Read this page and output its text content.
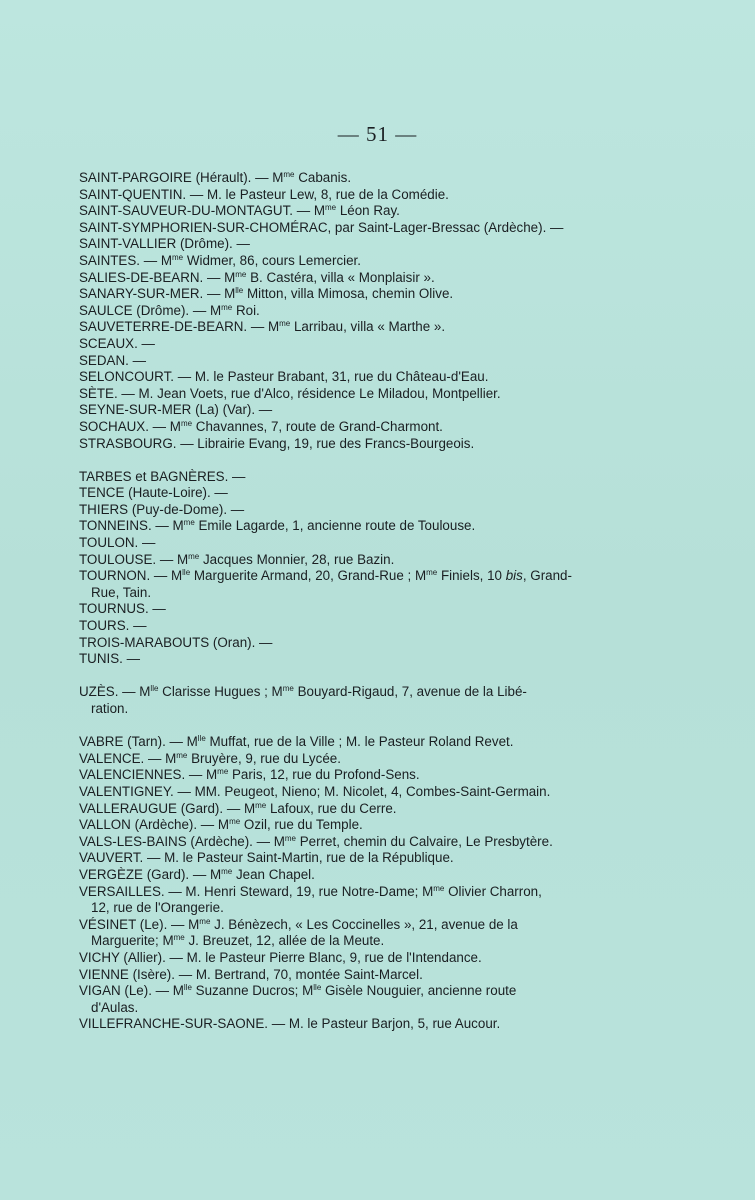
— 51 —
SAINT-PARGOIRE (Hérault). — $M^{me}$ Cabanis.
SAINT-QUENTIN. — M. le Pasteur Lew, 8, rue de la Comédie.
SAINT-SAUVEUR-DU-MONTAGUT. — $M^{me}$ Léon Ray.
SAINT-SYMPHORIEN-SUR-CHOMÉRAC, par Saint-Lager-Bressac (Ardèche). —
SAINT-VALLIER (Drôme). —
SAINTES. — $M^{me}$ Widmer, 86, cours Lemercier.
SALIES-DE-BEARN. — $M^{me}$ B. Castéra, villa « Monplaisir ».
SANARY-SUR-MER. — $M^{lle}$ Mitton, villa Mimosa, chemin Olive.
SAULCE (Drôme). — $M^{me}$ Roi.
SAUVETERRE-DE-BEARN. — $M^{me}$ Larribau, villa « Marthe ».
SCEAUX. —
SEDAN. —
SELONCOURT. — M. le Pasteur Brabant, 31, rue du Château-d'Eau.
SÈTE. — M. Jean Voets, rue d'Alco, résidence Le Miladou, Montpellier.
SEYNE-SUR-MER (La) (Var). —
SOCHAUX. — $M^{me}$ Chavannes, 7, route de Grand-Charmont.
STRASBOURG. — Librairie Evang, 19, rue des Francs-Bourgeois.
TARBES et BAGNÈRES. —
TENCE (Haute-Loire). —
THIERS (Puy-de-Dome). —
TONNEINS. — $M^{me}$ Emile Lagarde, 1, ancienne route de Toulouse.
TOULON. —
TOULOUSE. — $M^{me}$ Jacques Monnier, 28, rue Bazin.
TOURNON. — $M^{lle}$ Marguerite Armand, 20, Grand-Rue ; $M^{me}$ Finiels, 10 bis, Grand-
Rue, Tain.
TOURNUS. —
TOURS. —
TROIS-MARABOUTS (Oran). —
TUNIS. —
UZÈS. — $M^{lle}$ Clarisse Hugues ; $M^{me}$ Bouyard-Rigaud, 7, avenue de la Libé-
ration.
VABRE (Tarn). — $M^{lle}$ Muffat, rue de la Ville ; M. le Pasteur Roland Revet.
VALENCE. — $M^{me}$ Bruyère, 9, rue du Lycée.
VALENCIENNES. — $M^{me}$ Paris, 12, rue du Profond-Sens.
VALENTIGNEY. — MM. Peugeot, Nieno; M. Nicolet, 4, Combes-Saint-Germain.
VALLERAUGUE (Gard). — $M^{me}$ Lafoux, rue du Cerre.
VALLON (Ardèche). — $M^{me}$ Ozil, rue du Temple.
VALS-LES-BAINS (Ardèche). — $M^{me}$ Perret, chemin du Calvaire, Le Presbytère.
VAUVERT. — M. le Pasteur Saint-Martin, rue de la République.
VERGÈZE (Gard). — $M^{me}$ Jean Chapel.
VERSAILLES. — M. Henri Steward, 19, rue Notre-Dame; $M^{me}$ Olivier Charron,
12, rue de l'Orangerie.
VÉSINET (Le). — $M^{me}$ J. Bénèzech, « Les Coccinelles », 21, avenue de la
Marguerite; $M^{me}$ J. Breuzet, 12, allée de la Meute.
VICHY (Allier). — M. le Pasteur Pierre Blanc, 9, rue de l'Intendance.
VIENNE (Isère). — M. Bertrand, 70, montée Saint-Marcel.
VIGAN (Le). — $M^{lle}$ Suzanne Ducros; $M^{lle}$ Gisèle Nouguier, ancienne route
d'Aulas.
VILLEFRANCHE-SUR-SAONE. — M. le Pasteur Barjon, 5, rue Aucour.
